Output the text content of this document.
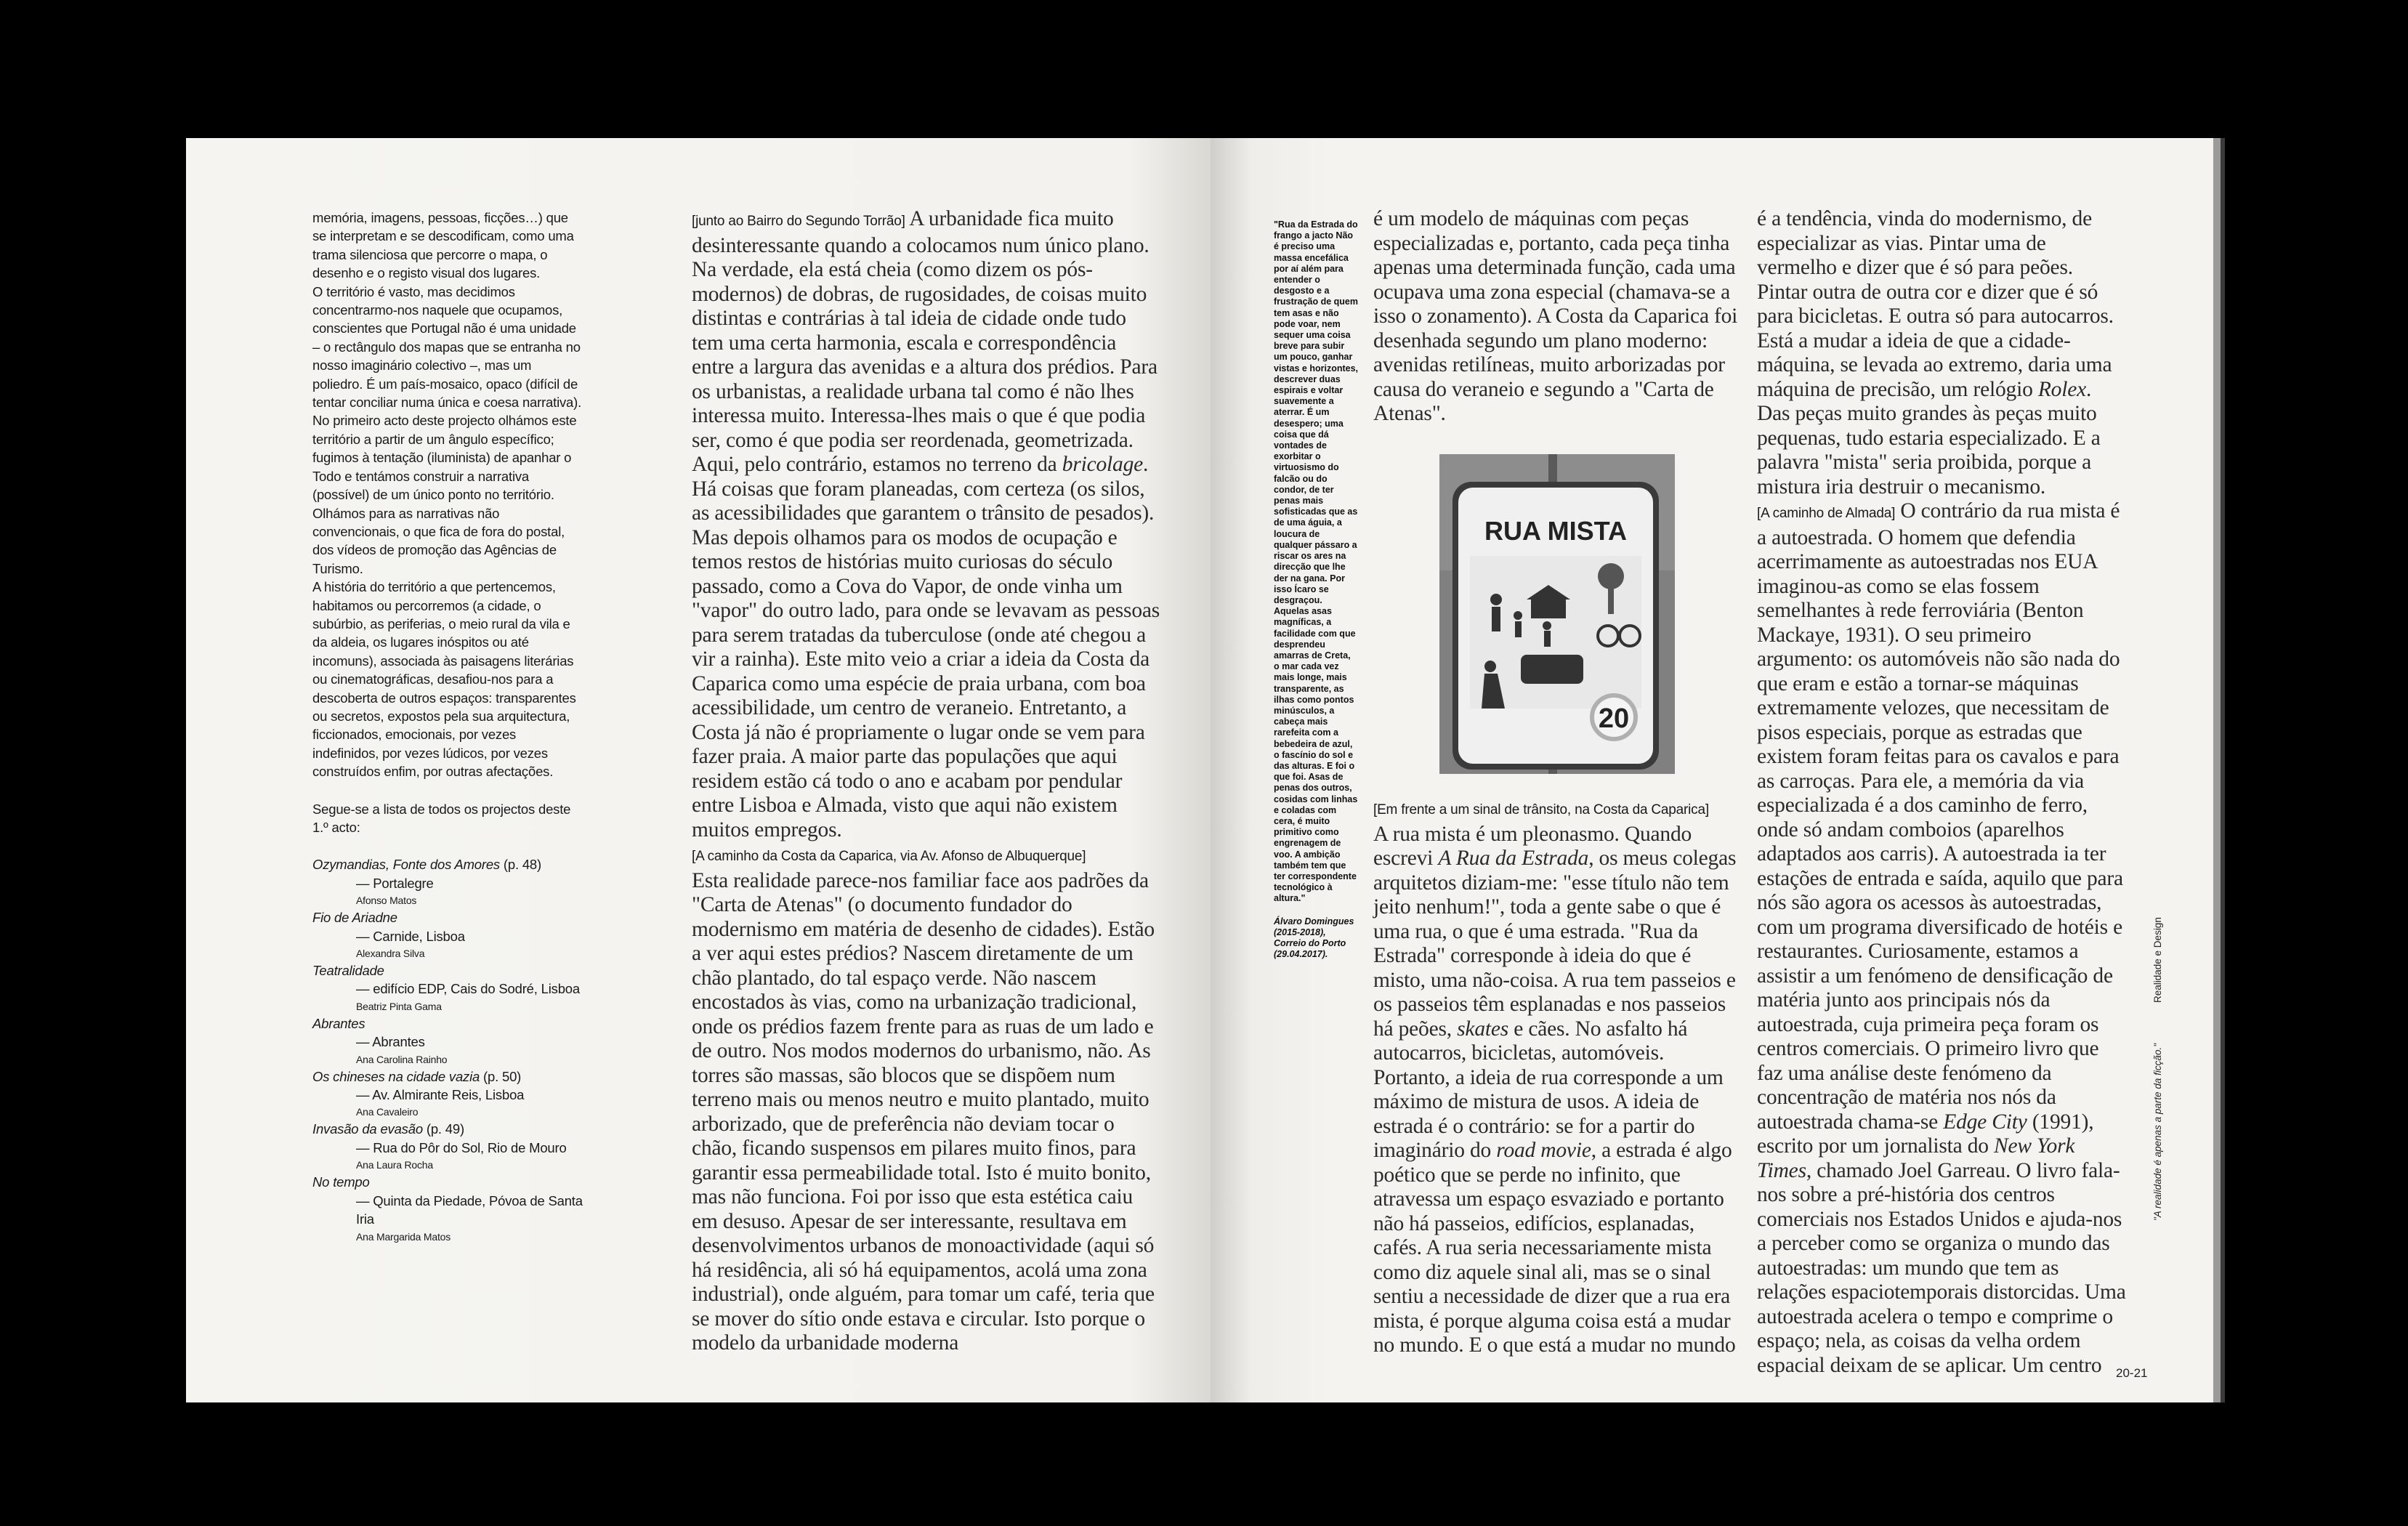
memória, imagens, pessoas, ficções…) que se interpretam e se descodificam, como uma trama silenciosa que percorre o mapa, o desenho e o registo visual dos lugares.

O território é vasto, mas decidimos concentrarmo-nos naquele que ocupamos, conscientes que Portugal não é uma unidade – o rectângulo dos mapas que se entranha no nosso imaginário colectivo –, mas um poliedro. É um país-mosaico, opaco (difícil de tentar conciliar numa única e coesa narrativa).

No primeiro acto deste projecto olhámos este território a partir de um ângulo específico; fugimos à tentação (iluminista) de apanhar o Todo e tentámos construir a narrativa (possível) de um único ponto no território. Olhámos para as narrativas não convencionais, o que fica de fora do postal, dos vídeos de promoção das Agências de Turismo.

A história do território a que pertencemos, habitamos ou percorremos (a cidade, o subúrbio, as periferias, o meio rural da vila e da aldeia, os lugares inóspitos ou até incomuns), associada às paisagens literárias ou cinematográficas, desafiou-nos para a descoberta de outros espaços: transparentes ou secretos, expostos pela sua arquitectura, ficcionados, emocionais, por vezes indefinidos, por vezes lúdicos, por vezes construídos enfim, por outras afectações.

Segue-se a lista de todos os projectos deste 1.º acto:

Ozymandias, Fonte dos Amores (p. 48)
— Portalegre
Afonso Matos
Fio de Ariadne
— Carnide, Lisboa
Alexandra Silva
Teatralidade
— edifício EDP, Cais do Sodré, Lisboa
Beatriz Pinta Gama
Abrantes
— Abrantes
Ana Carolina Rainho
Os chineses na cidade vazia (p. 50)
— Av. Almirante Reis, Lisboa
Ana Cavaleiro
Invasão da evasão (p. 49)
— Rua do Pôr do Sol, Rio de Mouro
Ana Laura Rocha
No tempo
— Quinta da Piedade, Póvoa de Santa Iria
Ana Margarida Matos

[junto ao Bairro do Segundo Torrão] A urbanidade fica muito desinteressante quando a colocamos num único plano. Na verdade, ela está cheia (como dizem os pós-modernos) de dobras, de rugosidades, de coisas muito distintas e contrárias à tal ideia de cidade onde tudo tem uma certa harmonia, escala e correspondência entre a largura das avenidas e a altura dos prédios. Para os urbanistas, a realidade urbana tal como é não lhes interessa muito. Interessa-lhes mais o que é que podia ser, como é que podia ser reordenada, geometrizada. Aqui, pelo contrário, estamos no terreno da bricolage. Há coisas que foram planeadas, com certeza (os silos, as acessibilidades que garantem o trânsito de pesados). Mas depois olhamos para os modos de ocupação e temos restos de histórias muito curiosas do século passado, como a Cova do Vapor, de onde vinha um "vapor" do outro lado, para onde se levavam as pessoas para serem tratadas da tuberculose (onde até chegou a vir a rainha). Este mito veio a criar a ideia da Costa da Caparica como uma espécie de praia urbana, com boa acessibilidade, um centro de veraneio. Entretanto, a Costa já não é propriamente o lugar onde se vem para fazer praia. A maior parte das populações que aqui residem estão cá todo o ano e acabam por pendular entre Lisboa e Almada, visto que aqui não existem muitos empregos.

[A caminho da Costa da Caparica, via Av. Afonso de Albuquerque]

Esta realidade parece-nos familiar face aos padrões da "Carta de Atenas" (o documento fundador do modernismo em matéria de desenho de cidades). Estão a ver aqui estes prédios? Nascem diretamente de um chão plantado, do tal espaço verde. Não nascem encostados às vias, como na urbanização tradicional, onde os prédios fazem frente para as ruas de um lado e de outro. Nos modos modernos do urbanismo, não. As torres são massas, são blocos que se dispõem num terreno mais ou menos neutro e muito plantado, muito arborizado, que de preferência não deviam tocar o chão, ficando suspensos em pilares muito finos, para garantir essa permeabilidade total. Isto é muito bonito, mas não funciona. Foi por isso que esta estética caiu em desuso. Apesar de ser interessante, resultava em desenvolvimentos urbanos de monoactividade (aqui só há residência, ali só há equipamentos, acolá uma zona industrial), onde alguém, para tomar um café, teria que se mover do sítio onde estava e circular. Isto porque o modelo da urbanidade moderna

"Rua da Estrada do frango a jacto Não é preciso uma massa encefálica por aí além para entender o desgosto e a frustração de quem tem asas e não pode voar, nem sequer uma coisa breve para subir um pouco, ganhar vistas e horizontes, descrever duas espirais e voltar suavemente a aterrar. É um desespero; uma coisa que dá vontades de exorbitar o virtuosismo do falcão ou do condor, de ter penas mais sofisticadas que as de uma águia, a loucura de qualquer pássaro a riscar os ares na direcção que lhe der na gana. Por isso Ícaro se desgraçou. Aquelas asas magníficas, a facilidade com que desprendeu amarras de Creta, o mar cada vez mais longe, mais transparente, as ilhas como pontos minúsculos, a cabeça mais rarefeita com a bebedeira de azul, o fascínio do sol e das alturas. E foi o que foi. Asas de penas dos outros, cosidas com linhas e coladas com cera, é muito primitivo como engrenagem de voo. A ambição também tem que ter correspondente tecnológico à altura."

Álvaro Domingues (2015-2018), Correio do Porto (29.04.2017).

é um modelo de máquinas com peças especializadas e, portanto, cada peça tinha apenas uma determinada função, cada uma ocupava uma zona especial (chamava-se a isso o zonamento). A Costa da Caparica foi desenhada segundo um plano moderno: avenidas retilíneas, muito arborizadas por causa do veraneio e segundo a "Carta de Atenas".

RUA MISTA
20

[Em frente a um sinal de trânsito, na Costa da Caparica]

A rua mista é um pleonasmo. Quando escrevi A Rua da Estrada, os meus colegas arquitetos diziam-me: "esse título não tem jeito nenhum!", toda a gente sabe o que é uma rua, o que é uma estrada. "Rua da Estrada" corresponde à ideia do que é misto, uma não-coisa. A rua tem passeios e os passeios têm esplanadas e nos passeios há peões, skates e cães. No asfalto há autocarros, bicicletas, automóveis. Portanto, a ideia de rua corresponde a um máximo de mistura de usos. A ideia de estrada é o contrário: se for a partir do imaginário do road movie, a estrada é algo poético que se perde no infinito, que atravessa um espaço esvaziado e portanto não há passeios, edifícios, esplanadas, cafés. A rua seria necessariamente mista como diz aquele sinal ali, mas se o sinal sentiu a necessidade de dizer que a rua era mista, é porque alguma coisa está a mudar no mundo. E o que está a mudar no mundo

é a tendência, vinda do modernismo, de especializar as vias. Pintar uma de vermelho e dizer que é só para peões. Pintar outra de outra cor e dizer que é só para bicicletas. E outra só para autocarros. Está a mudar a ideia de que a cidade-máquina, se levada ao extremo, daria uma máquina de precisão, um relógio Rolex. Das peças muito grandes às peças muito pequenas, tudo estaria especializado. E a palavra "mista" seria proibida, porque a mistura iria destruir o mecanismo.

[A caminho de Almada] O contrário da rua mista é a autoestrada. O homem que defendia acerrimamente as autoestradas nos EUA imaginou-as como se elas fossem semelhantes à rede ferroviária (Benton Mackaye, 1931). O seu primeiro argumento: os automóveis não são nada do que eram e estão a tornar-se máquinas extremamente velozes, que necessitam de pisos especiais, porque as estradas que existem foram feitas para os cavalos e para as carroças. Para ele, a memória da via especializada é a dos caminho de ferro, onde só andam comboios (aparelhos adaptados aos carris). A autoestrada ia ter estações de entrada e saída, aquilo que para nós são agora os acessos às autoestradas, com um programa diversificado de hotéis e restaurantes. Curiosamente, estamos a assistir a um fenómeno de densificação de matéria junto aos principais nós da autoestrada, cuja primeira peça foram os centros comerciais. O primeiro livro que faz uma análise deste fenómeno da concentração de matéria nos nós da autoestrada chama-se Edge City (1991), escrito por um jornalista do New York Times, chamado Joel Garreau. O livro fala-nos sobre a pré-história dos centros comerciais nos Estados Unidos e ajuda-nos a perceber como se organiza o mundo das autoestradas: um mundo que tem as relações espaciotemporais distorcidas. Uma autoestrada acelera o tempo e comprime o espaço; nela, as coisas da velha ordem espacial deixam de se aplicar. Um centro

Realidade e Design
"A realidade é apenas a parte da ficção."
20-21
